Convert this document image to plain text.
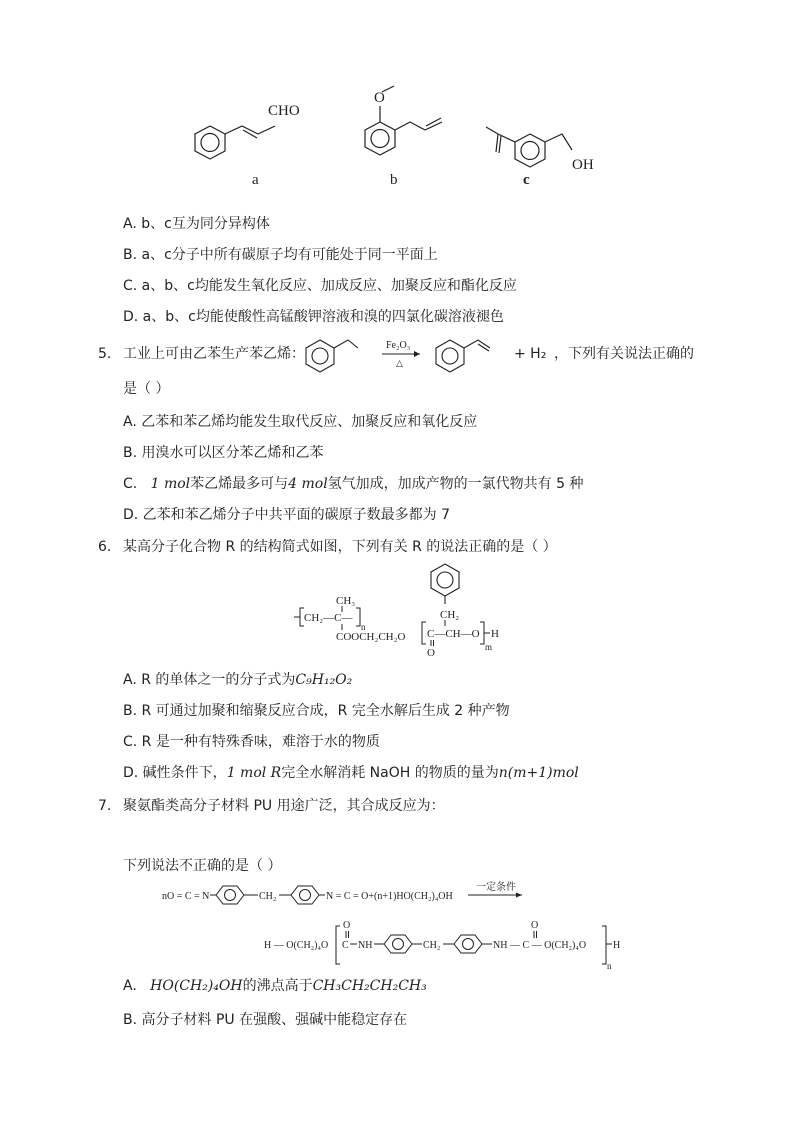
CHO
a
O
b
OH
c
A. b、c互为同分异构体
B. a、c分子中所有碳原子均有可能处于同一平面上
C. a、b、c均能发生氧化反应、加成反应、加聚反应和酯化反应
D. a、b、c均能使酸性高锰酸钾溶液和溴的四氯化碳溶液褪色
5. 工业上可由乙苯生产苯乙烯：
Fe₂O₃
△
+ H₂ ，下列有关说法正确的
是（ ）
A. 乙苯和苯乙烯均能发生取代反应、加聚反应和氧化反应
B. 用溴水可以区分苯乙烯和乙苯
C. 1 mol苯乙烯最多可与4 mol氢气加成，加成产物的一氯代物共有 5 种
D. 乙苯和苯乙烯分子中共平面的碳原子数最多都为 7
6. 某高分子化合物 R 的结构简式如图，下列有关 R 的说法正确的是（ ）
CH₂
CH₃
CH₂—C—
n
COOCH₂CH₂O C—CH—O H
m
O
A. R 的单体之一的分子式为C₉H₁₂O₂
B. R 可通过加聚和缩聚反应合成，R 完全水解后生成 2 种产物
C. R 是一种有特殊香味，难溶于水的物质
D. 碱性条件下，1 mol R完全水解消耗 NaOH 的物质的量为n(m+1)mol
7. 聚氨酯类高分子材料 PU 用途广泛，其合成反应为：
下列说法不正确的是（ ）
nO = C = N	CH₂	N = C = O+(n+1)HO(CH₂)₄OH
一定条件
H — O(CH₂)₄O
O
C NH	CH₂	NH — C — O(CH₂)₄O
O
H
n
A. HO(CH₂)₄OH的沸点高于CH₃CH₂CH₂CH₃
B. 高分子材料 PU 在强酸、强碱中能稳定存在
